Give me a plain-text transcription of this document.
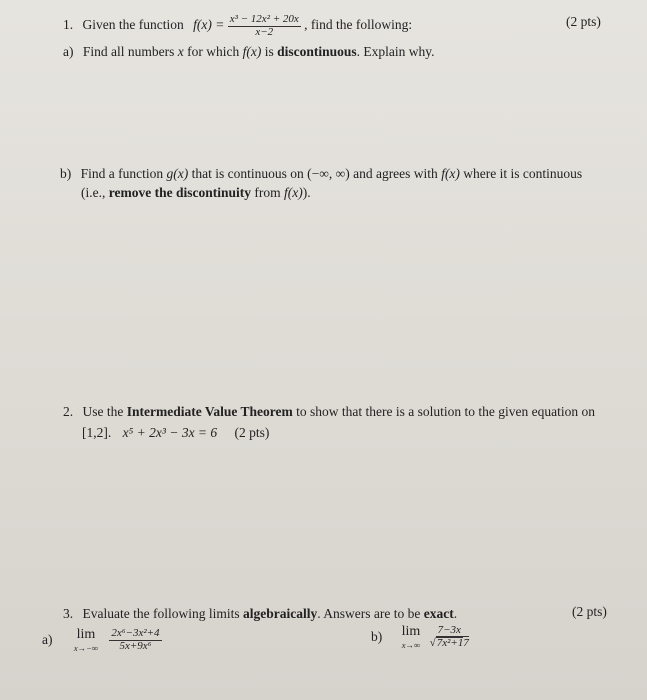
1. Given the function $f(x) = \frac{\text{x³ − 12x² + 20x}}{x-2}$ , find the following:	(2 pts)
a) Find all numbers x for which f(x) is discontinuous. Explain why.
b) Find a function g(x) that is continuous on (−∞, ∞) and agrees with f(x) where it is continuous
(i.e., remove the discontinuity from f(x)).
2. Use the Intermediate Value Theorem to show that there is a solution to the given equation on
[1,2]. x⁵ + 2x³ − 3x = 6 (2 pts)
3. Evaluate the following limits algebraically. Answers are to be exact.	(2 pts)
a) lim
x→−∞
$\frac{\text{2x⁶−3x²+4}}{\text{5x+9x⁶}}$	b) lim
x→∞
$\frac{7-3x}{\text{√7x²+17}}$
